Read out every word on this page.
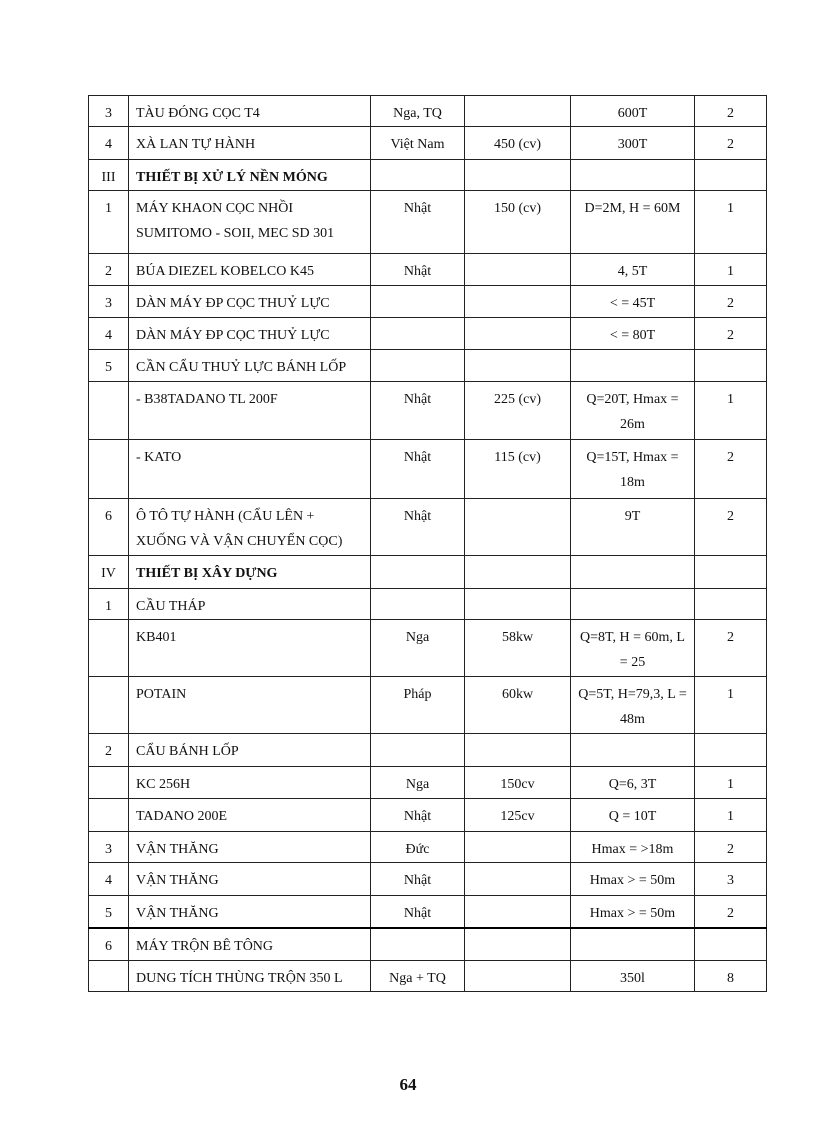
3	TÀU ĐÓNG CỌC T4	Nga, TQ		600T	2
4	XÀ LAN TỰ HÀNH	Việt Nam	450 (cv)	300T	2
III	THIẾT BỊ XỬ LÝ NỀN MÓNG				
1	MÁY KHAON CỌC NHỒI SUMITOMO - SOII, MEC SD 301	Nhật	150 (cv)	D=2M, H = 60M	1
2	BÚA DIEZEL KOBELCO K45	Nhật		4, 5T	1
3	DÀN MÁY ĐP CỌC THUỶ LỰC			< = 45T	2
4	DÀN MÁY ĐP CỌC THUỶ LỰC			< = 80T	2
5	CẦN CẨU THUỶ LỰC BÁNH LỐP				
	- B38TADANO TL 200F	Nhật	225 (cv)	Q=20T, Hmax = 26m	1
	- KATO	Nhật	115 (cv)	Q=15T, Hmax = 18m	2
6	Ô TÔ TỰ HÀNH (CẨU LÊN + XUỐNG VÀ VẬN CHUYỂN CỌC)	Nhật		9T	2
IV	THIẾT BỊ XÂY DỰNG				
1	CẦU THÁP				
	KB401	Nga	58kw	Q=8T, H = 60m, L = 25	2
	POTAIN	Pháp	60kw	Q=5T, H=79,3, L = 48m	1
2	CẨU BÁNH LỐP				
	KC 256H	Nga	150cv	Q=6, 3T	1
	TADANO 200E	Nhật	125cv	Q = 10T	1
3	VẬN THĂNG	Đức		Hmax = >18m	2
4	VẬN THĂNG	Nhật		Hmax > = 50m	3
5	VẬN THĂNG	Nhật		Hmax > = 50m	2
6	MÁY TRỘN BÊ TÔNG				
	DUNG TÍCH THÙNG TRỘN 350 L	Nga + TQ		350l	8
64
